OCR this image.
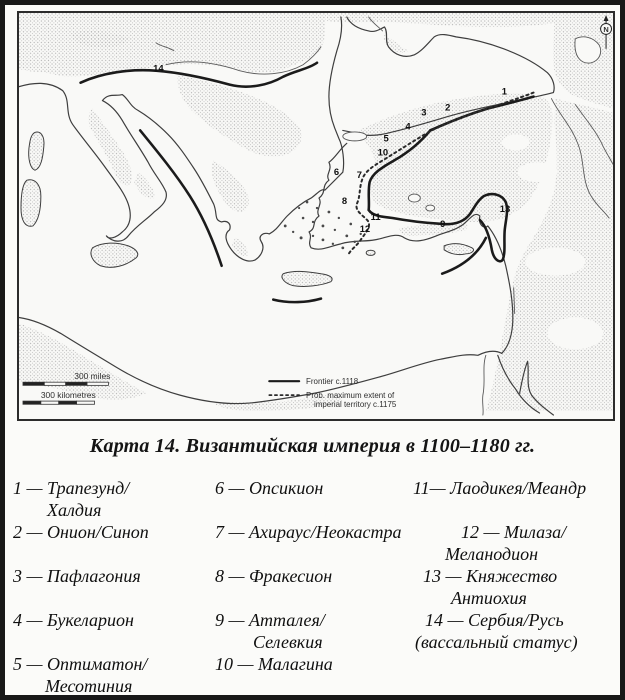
14
1
2
3
4
5
10
6 7
8
11
12	9
13
N
300 miles
300 kilometres
Frontier c.1118
Prob. maximum extent of
imperial territory c.1175
Карта 14. Византийская империя в 1100–1180 гг.
1 — Трапезунд/
Халдия
2 — Онион/Синоп
3 — Пафлагония
4 — Букеларион
5 — Оптиматон/
Месотиния
6 — Опсикион
7 — Ахираус/Неокастра
8 — Фракесион
9 — Атталея/
Селевкия
10 — Малагина
11— Лаодикея/Меандр
12 — Милаза/
Меланодион
13 — Княжество
Антиохия
14 — Сербия/Русь
(вассальный статус)
